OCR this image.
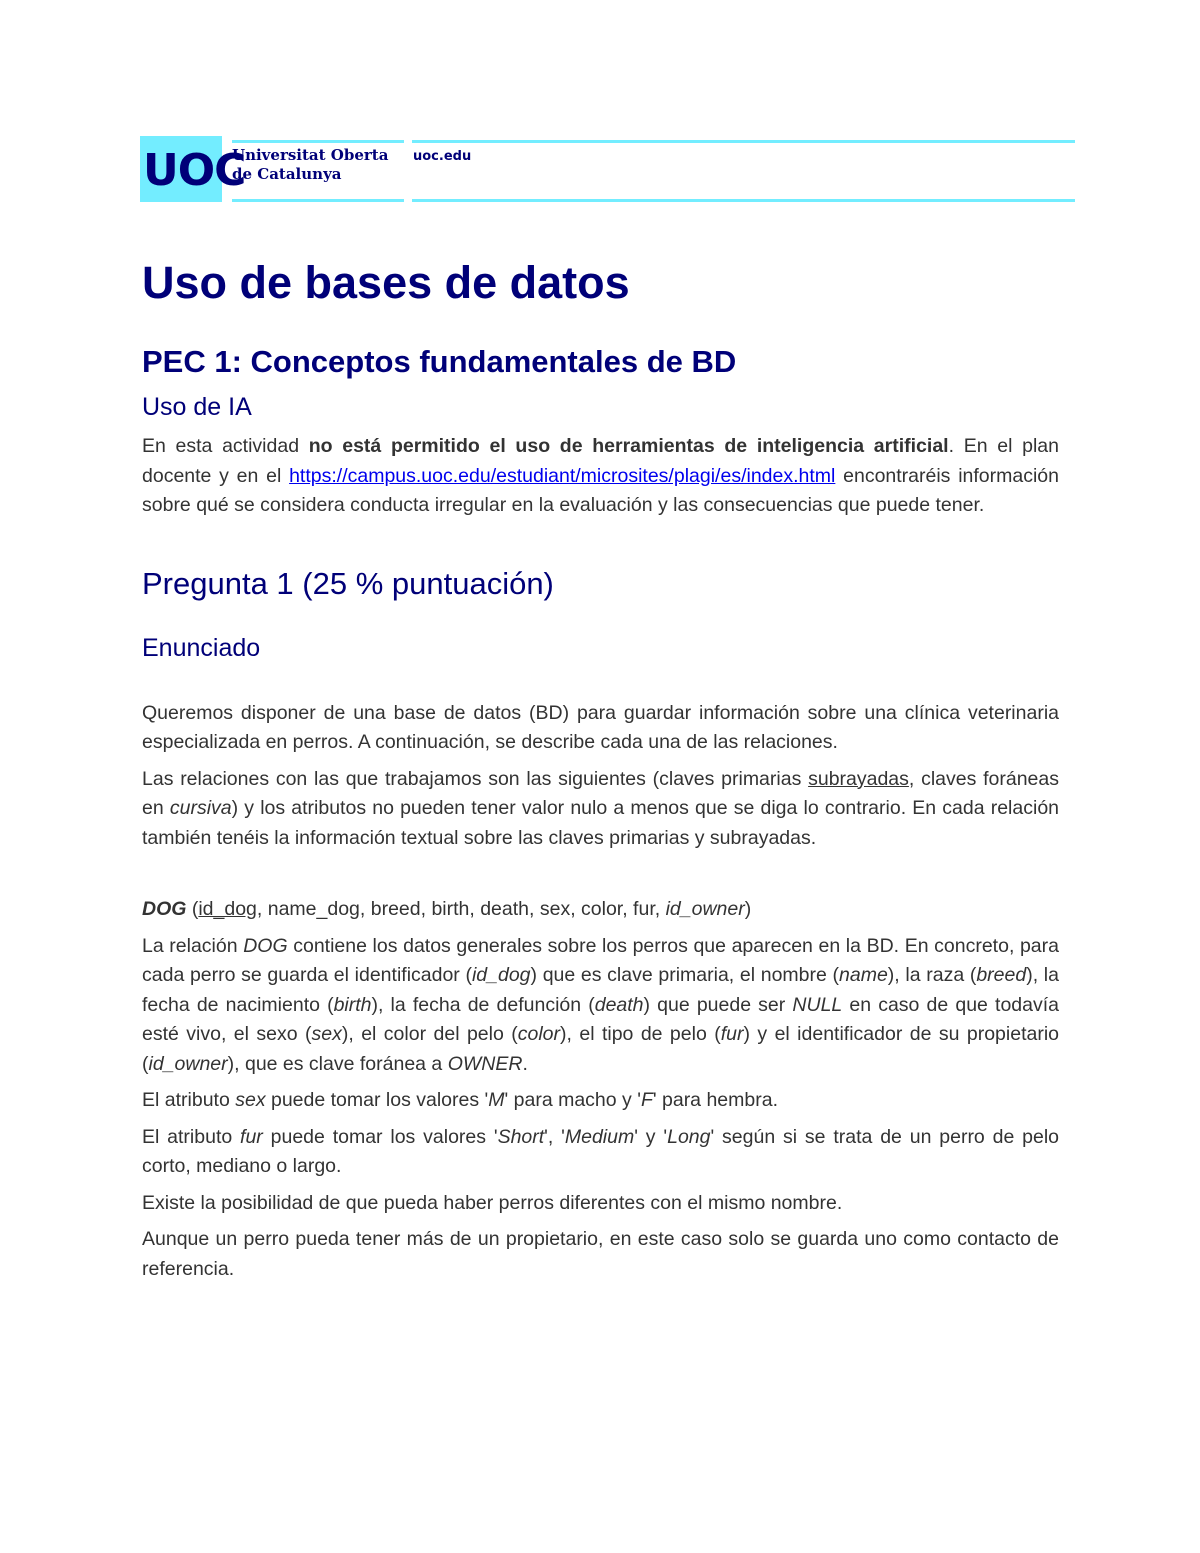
UOC
Universitat Oberta
de Catalunya
uoc.edu
Uso de bases de datos
PEC 1: Conceptos fundamentales de BD
Uso de IA

En esta actividad no está permitido el uso de herramientas de inteligencia artificial. En el plan docente y en el https://campus.uoc.edu/estudiant/microsites/plagi/es/index.html encontraréis información sobre qué se considera conducta irregular en la evaluación y las consecuencias que puede tener.

Pregunta 1 (25 % puntuación)
Enunciado

Queremos disponer de una base de datos (BD) para guardar información sobre una clínica veterinaria especializada en perros. A continuación, se describe cada una de las relaciones.

Las relaciones con las que trabajamos son las siguientes (claves primarias subrayadas, claves foráneas en cursiva) y los atributos no pueden tener valor nulo a menos que se diga lo contrario. En cada relación también tenéis la información textual sobre las claves primarias y subrayadas.

DOG (id_dog, name_dog, breed, birth, death, sex, color, fur, id_owner)

La relación DOG contiene los datos generales sobre los perros que aparecen en la BD. En concreto, para cada perro se guarda el identificador (id_dog) que es clave primaria, el nombre (name), la raza (breed), la fecha de nacimiento (birth), la fecha de defunción (death) que puede ser NULL en caso de que todavía esté vivo, el sexo (sex), el color del pelo (color), el tipo de pelo (fur) y el identificador de su propietario (id_owner), que es clave foránea a OWNER.

El atributo sex puede tomar los valores 'M' para macho y 'F' para hembra.

El atributo fur puede tomar los valores 'Short', 'Medium' y 'Long' según si se trata de un perro de pelo corto, mediano o largo.

Existe la posibilidad de que pueda haber perros diferentes con el mismo nombre.

Aunque un perro pueda tener más de un propietario, en este caso solo se guarda uno como contacto de referencia.
